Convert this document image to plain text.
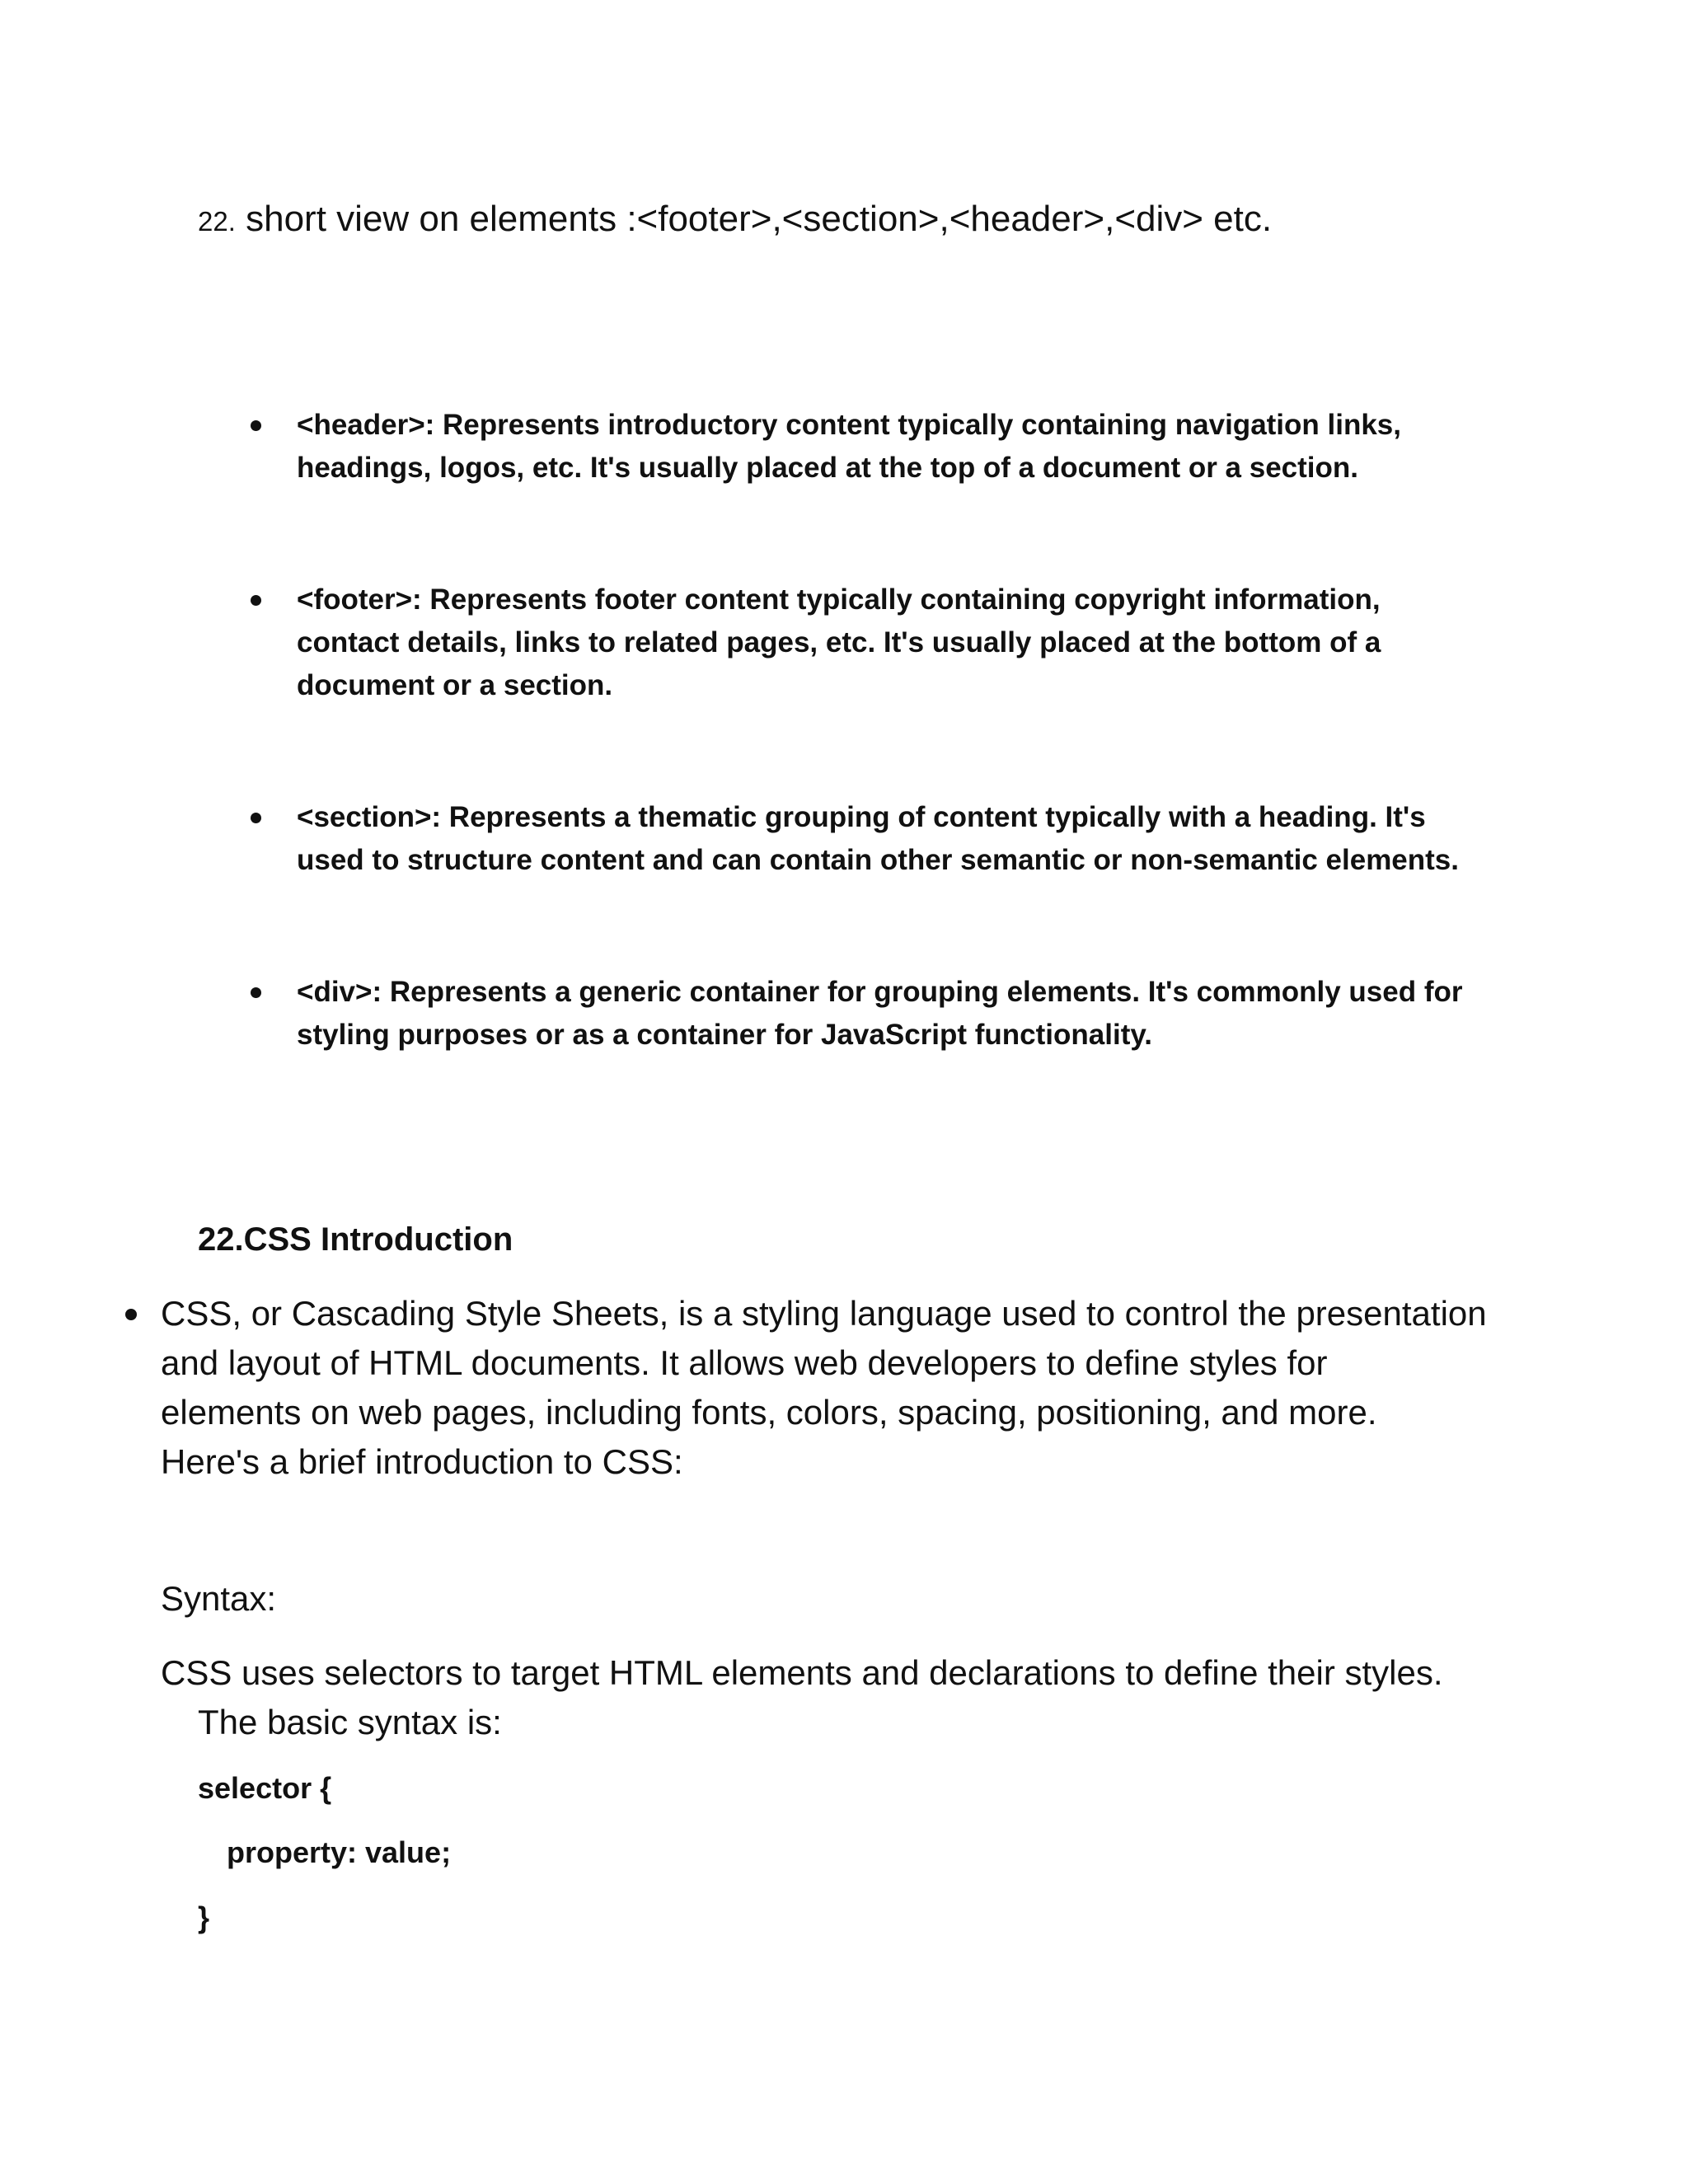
22. short view on elements :<footer>,<section>,<header>,<div> etc.

<header>: Represents introductory content typically containing navigation links,
headings, logos, etc. It's usually placed at the top of a document or a section.
<footer>: Represents footer content typically containing copyright information,
contact details, links to related pages, etc. It's usually placed at the bottom of a
document or a section.
<section>: Represents a thematic grouping of content typically with a heading. It's
used to structure content and can contain other semantic or non-semantic elements.
<div>: Represents a generic container for grouping elements. It's commonly used for
styling purposes or as a container for JavaScript functionality.

22.CSS Introduction

CSS, or Cascading Style Sheets, is a styling language used to control the presentation
and layout of HTML documents. It allows web developers to define styles for
elements on web pages, including fonts, colors, spacing, positioning, and more.
Here's a brief introduction to CSS:

Syntax:

CSS uses selectors to target HTML elements and declarations to define their styles.

The basic syntax is:

selector {

property: value;

}
